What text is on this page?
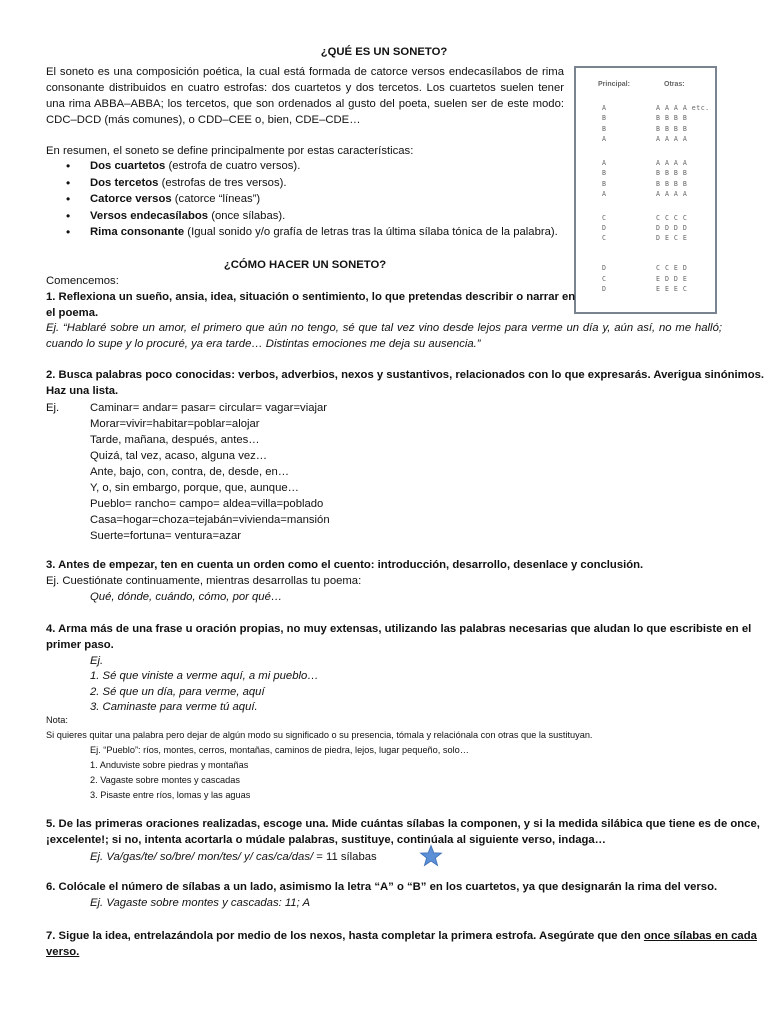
¿QUÉ ES UN SONETO?
El soneto es una composición poética, la cual está formada de catorce versos endecasílabos de rima
consonante distribuidos en cuatro estrofas: dos cuartetos y dos tercetos. Los cuartetos suelen tener
una rima ABBA–ABBA; los tercetos, que son ordenados al gusto del poeta, suelen ser de este modo:
CDC–DCD (más comunes), o CDD–CEE o, bien, CDE–CDE…
En resumen, el soneto se define principalmente por estas características:
• Dos cuartetos (estrofa de cuatro versos).
• Dos tercetos (estrofas de tres versos).
• Catorce versos (catorce “líneas”)
• Versos endecasílabos (once sílabas).
• Rima consonante (Igual sonido y/o grafía de letras tras la última sílaba tónica de la palabra).
Principal:	Otras:
A	A A A A etc.
B	B B B B
B	B B B B
A	A A A A
A	A A A A
B	B B B B
B	B B B B
A	A A A A
C	C C C C
D	D D D D
C	D E C E
D	C C E D
C	E D D E
D	E E E C
¿CÓMO HACER UN SONETO?
Comencemos:
1. Reflexiona un sueño, ansia, idea, situación o sentimiento, lo que pretendas describir o narrar en
el poema.
Ej. “Hablaré sobre un amor, el primero que aún no tengo, sé que tal vez vino desde lejos para verme un día y, aún así, no me halló;
cuando lo supe y lo procuré, ya era tarde… Distintas emociones me deja su ausencia.”
2. Busca palabras poco conocidas: verbos, adverbios, nexos y sustantivos, relacionados con lo que expresarás. Averigua sinónimos.
Haz una lista.
Ej.	Caminar= andar= pasar= circular= vagar=viajar
Morar=vivir=habitar=poblar=alojar
Tarde, mañana, después, antes…
Quizá, tal vez, acaso, alguna vez…
Ante, bajo, con, contra, de, desde, en…
Y, o, sin embargo, porque, que, aunque…
Pueblo= rancho= campo= aldea=villa=poblado
Casa=hogar=choza=tejabán=vivienda=mansión
Suerte=fortuna= ventura=azar
3. Antes de empezar, ten en cuenta un orden como el cuento: introducción, desarrollo, desenlace y conclusión.
Ej. Cuestiónate continuamente, mientras desarrollas tu poema:
Qué, dónde, cuándo, cómo, por qué…
4. Arma más de una frase u oración propias, no muy extensas, utilizando las palabras necesarias que aludan lo que escribiste en el
primer paso.
Ej.
1. Sé que viniste a verme aquí, a mi pueblo…
2. Sé que un día, para verme, aquí
3. Caminaste para verme tú aquí.
Nota:
Si quieres quitar una palabra pero dejar de algún modo su significado o su presencia, tómala y relaciónala con otras que la sustituyan.
Ej. “Pueblo”: ríos, montes, cerros, montañas, caminos de piedra, lejos, lugar pequeño, solo…
1. Anduviste sobre piedras y montañas
2. Vagaste sobre montes y cascadas
3. Pisaste entre ríos, lomas y las aguas
5. De las primeras oraciones realizadas, escoge una. Mide cuántas sílabas la componen, y si la medida silábica que tiene es de once,
¡excelente!; si no, intenta acortarla o múdale palabras, sustituye, continúala al siguiente verso, indaga…
Ej. Va/gas/te/ so/bre/ mon/tes/ y/ cas/ca/das/ = 11 sílabas
6. Colócale el número de sílabas a un lado, asimismo la letra “A” o “B” en los cuartetos, ya que designarán la rima del verso.
Ej. Vagaste sobre montes y cascadas: 11; A
7. Sigue la idea, entrelazándola por medio de los nexos, hasta completar la primera estrofa. Asegúrate que den once sílabas en cada
verso.
